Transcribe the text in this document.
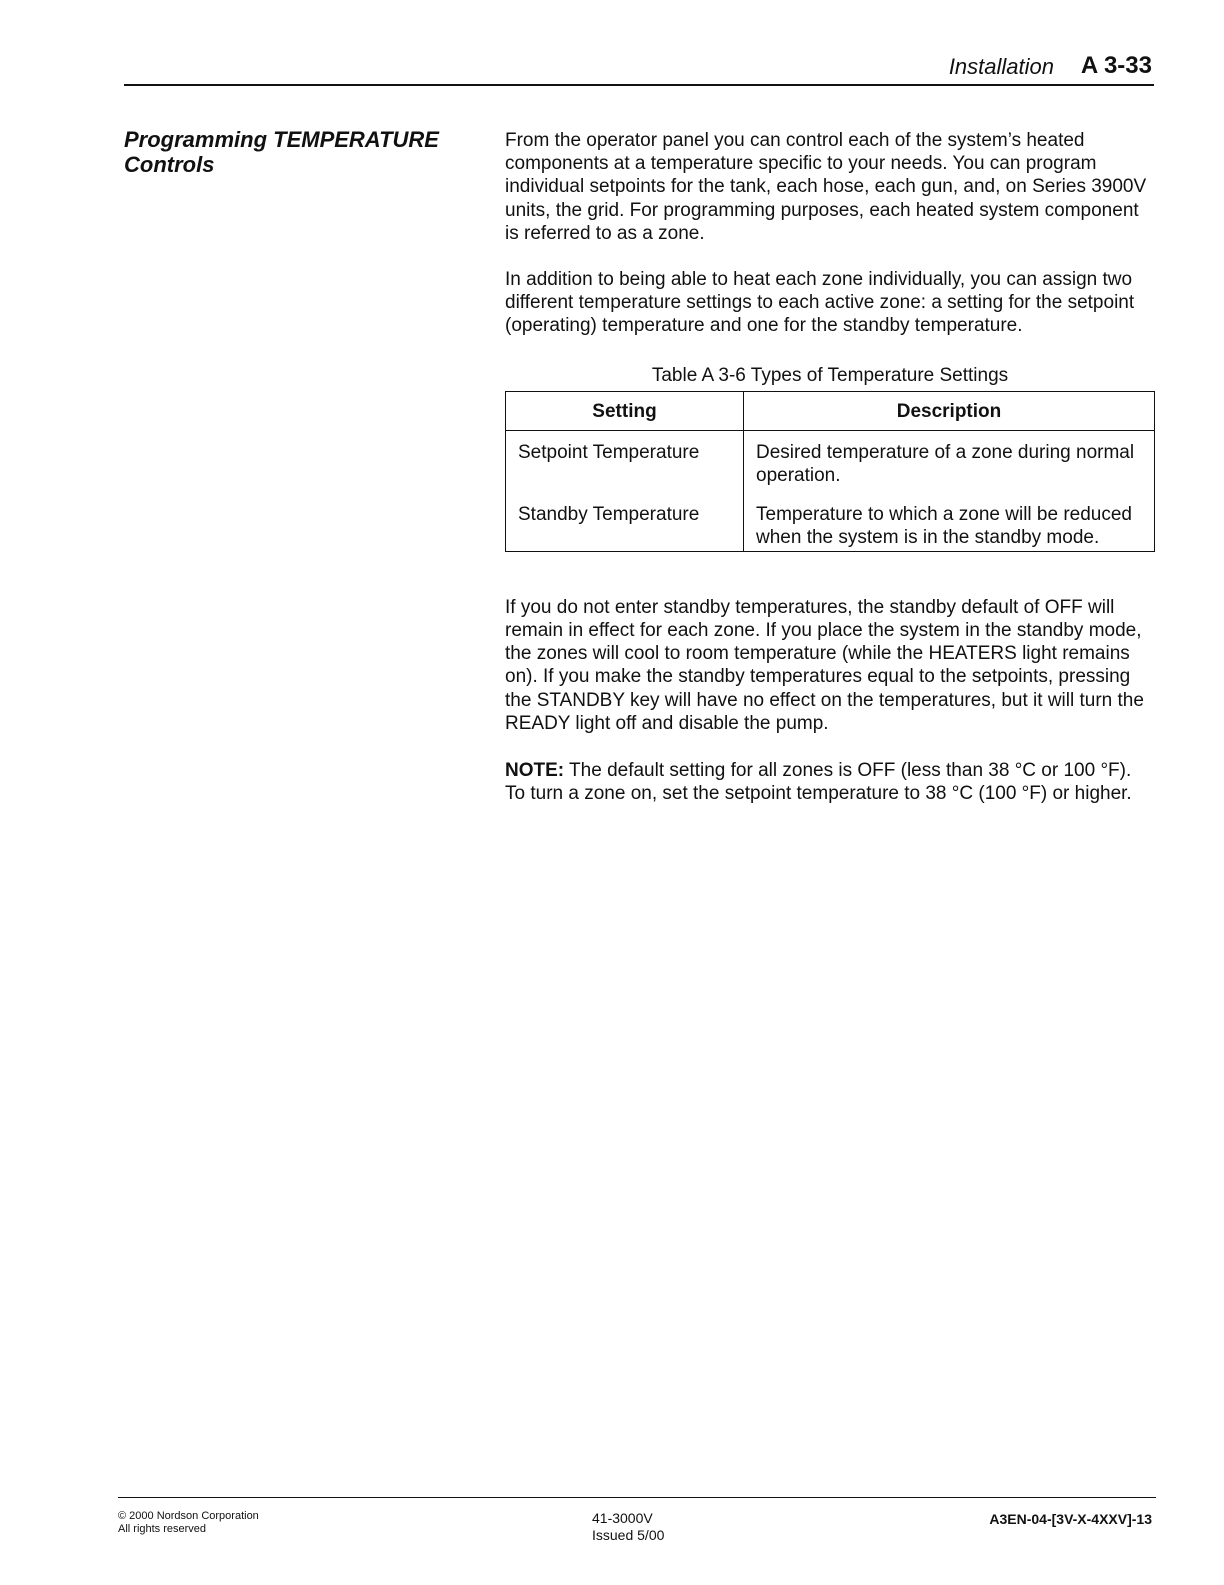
Installation A 3-33
Programming TEMPERATURE
Controls

From the operator panel you can control each of the system’s heated components at a temperature specific to your needs. You can program individual setpoints for the tank, each hose, each gun, and, on Series 3900V units, the grid. For programming purposes, each heated system component is referred to as a zone.

In addition to being able to heat each zone individually, you can assign two different temperature settings to each active zone: a setting for the setpoint (operating) temperature and one for the standby temperature.

Table A 3-6 Types of Temperature Settings
Setting	Description
Setpoint Temperature	Desired temperature of a zone during normal operation.
Standby Temperature	Temperature to which a zone will be reduced when the system is in the standby mode.

If you do not enter standby temperatures, the standby default of OFF will remain in effect for each zone. If you place the system in the standby mode, the zones will cool to room temperature (while the HEATERS light remains on). If you make the standby temperatures equal to the setpoints, pressing the STANDBY key will have no effect on the temperatures, but it will turn the READY light off and disable the pump.

NOTE: The default setting for all zones is OFF (less than 38 °C or 100 °F). To turn a zone on, set the setpoint temperature to 38 °C (100 °F) or higher.

© 2000 Nordson Corporation
All rights reserved
41-3000V
Issued 5/00
A3EN-04-[3V-X-4XXV]-13
